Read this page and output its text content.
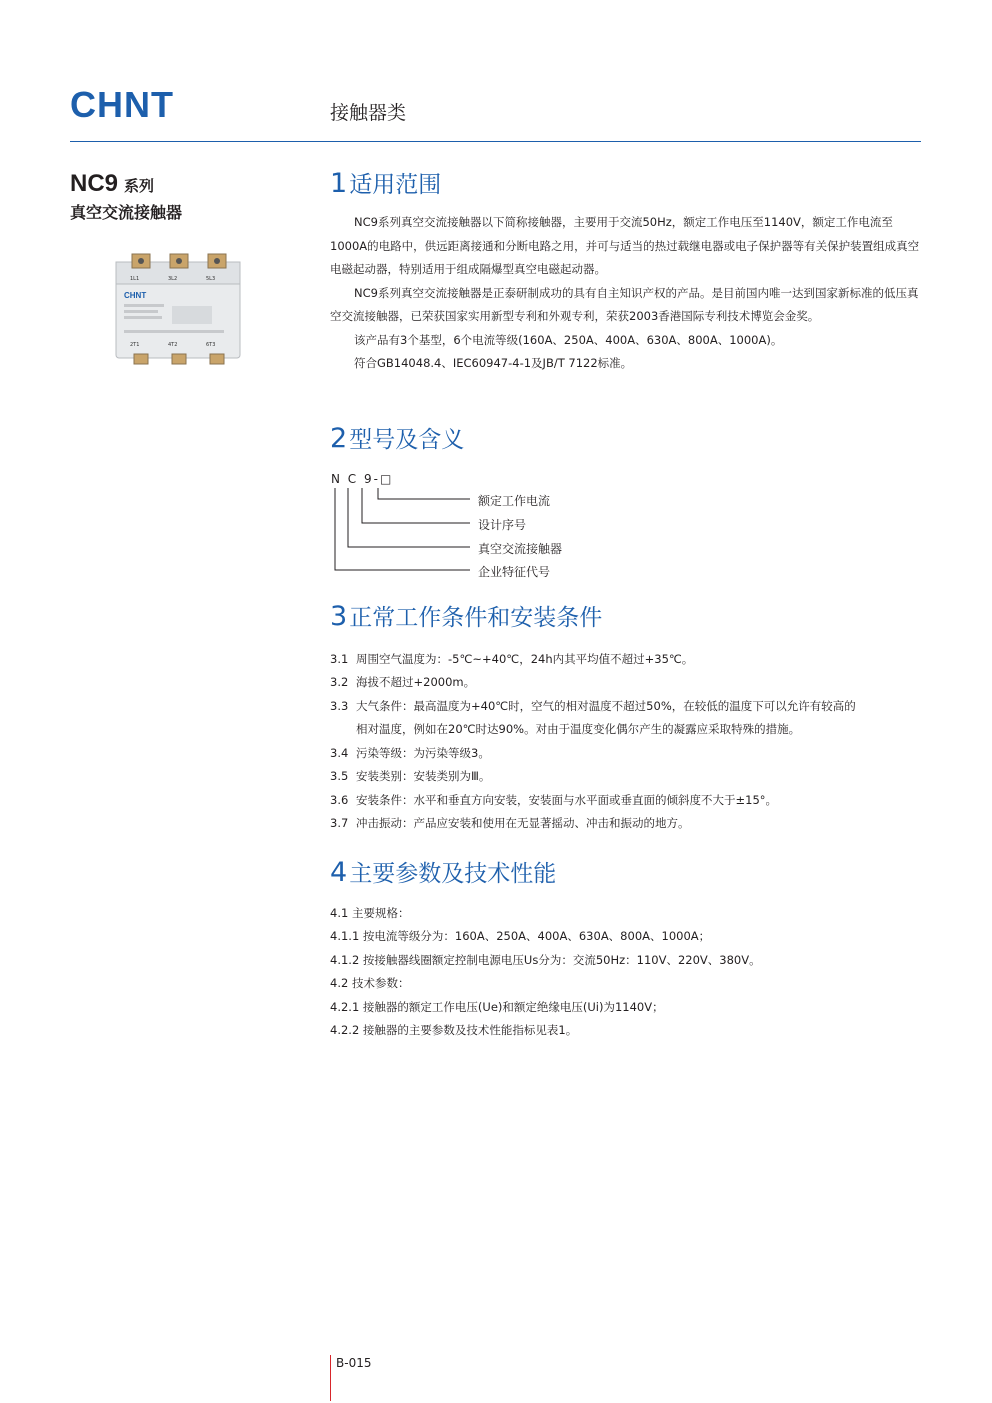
CHNT	接触器类
NC9 系列
真空交流接触器
1L1	3L2	5L3
CHNT
2T1	4T2	6T3
1适用范围

NC9系列真空交流接触器以下简称接触器，主要用于交流50Hz，额定工作电压至1140V，额定工作电流至1000A的电路中，供远距离接通和分断电路之用，并可与适当的热过载继电器或电子保护器等有关保护装置组成真空电磁起动器，特别适用于组成隔爆型真空电磁起动器。

NC9系列真空交流接触器是正泰研制成功的具有自主知识产权的产品。是目前国内唯一达到国家新标准的低压真空交流接触器，已荣获国家实用新型专利和外观专利，荣获2003香港国际专利技术博览会金奖。

该产品有3个基型，6个电流等级(160A、250A、400A、630A、800A、1000A)。

符合GB14048.4、IEC60947-4-1及JB/T 7122标准。

2型号及含义
N C 9-□
额定工作电流
设计序号
真空交流接触器
企业特征代号
3正常工作条件和安装条件
3.1 周围空气温度为：-5℃~+40℃，24h内其平均值不超过+35℃。
3.2 海拔不超过+2000m。
3.3 大气条件：最高温度为+40℃时，空气的相对温度不超过50%，在较低的温度下可以允许有较高的
相对温度，例如在20℃时达90%。对由于温度变化偶尔产生的凝露应采取特殊的措施。
3.4 污染等级：为污染等级3。
3.5 安装类别：安装类别为Ⅲ。
3.6 安装条件：水平和垂直方向安装，安装面与水平面或垂直面的倾斜度不大于±15°。
3.7 冲击振动：产品应安装和使用在无显著摇动、冲击和振动的地方。
4主要参数及技术性能
4.1 主要规格：
4.1.1 按电流等级分为：160A、250A、400A、630A、800A、1000A；
4.1.2 按接触器线圈额定控制电源电压Us分为：交流50Hz：110V、220V、380V。
4.2 技术参数：
4.2.1 接触器的额定工作电压(Ue)和额定绝缘电压(Ui)为1140V；
4.2.2 接触器的主要参数及技术性能指标见表1。
B-015
